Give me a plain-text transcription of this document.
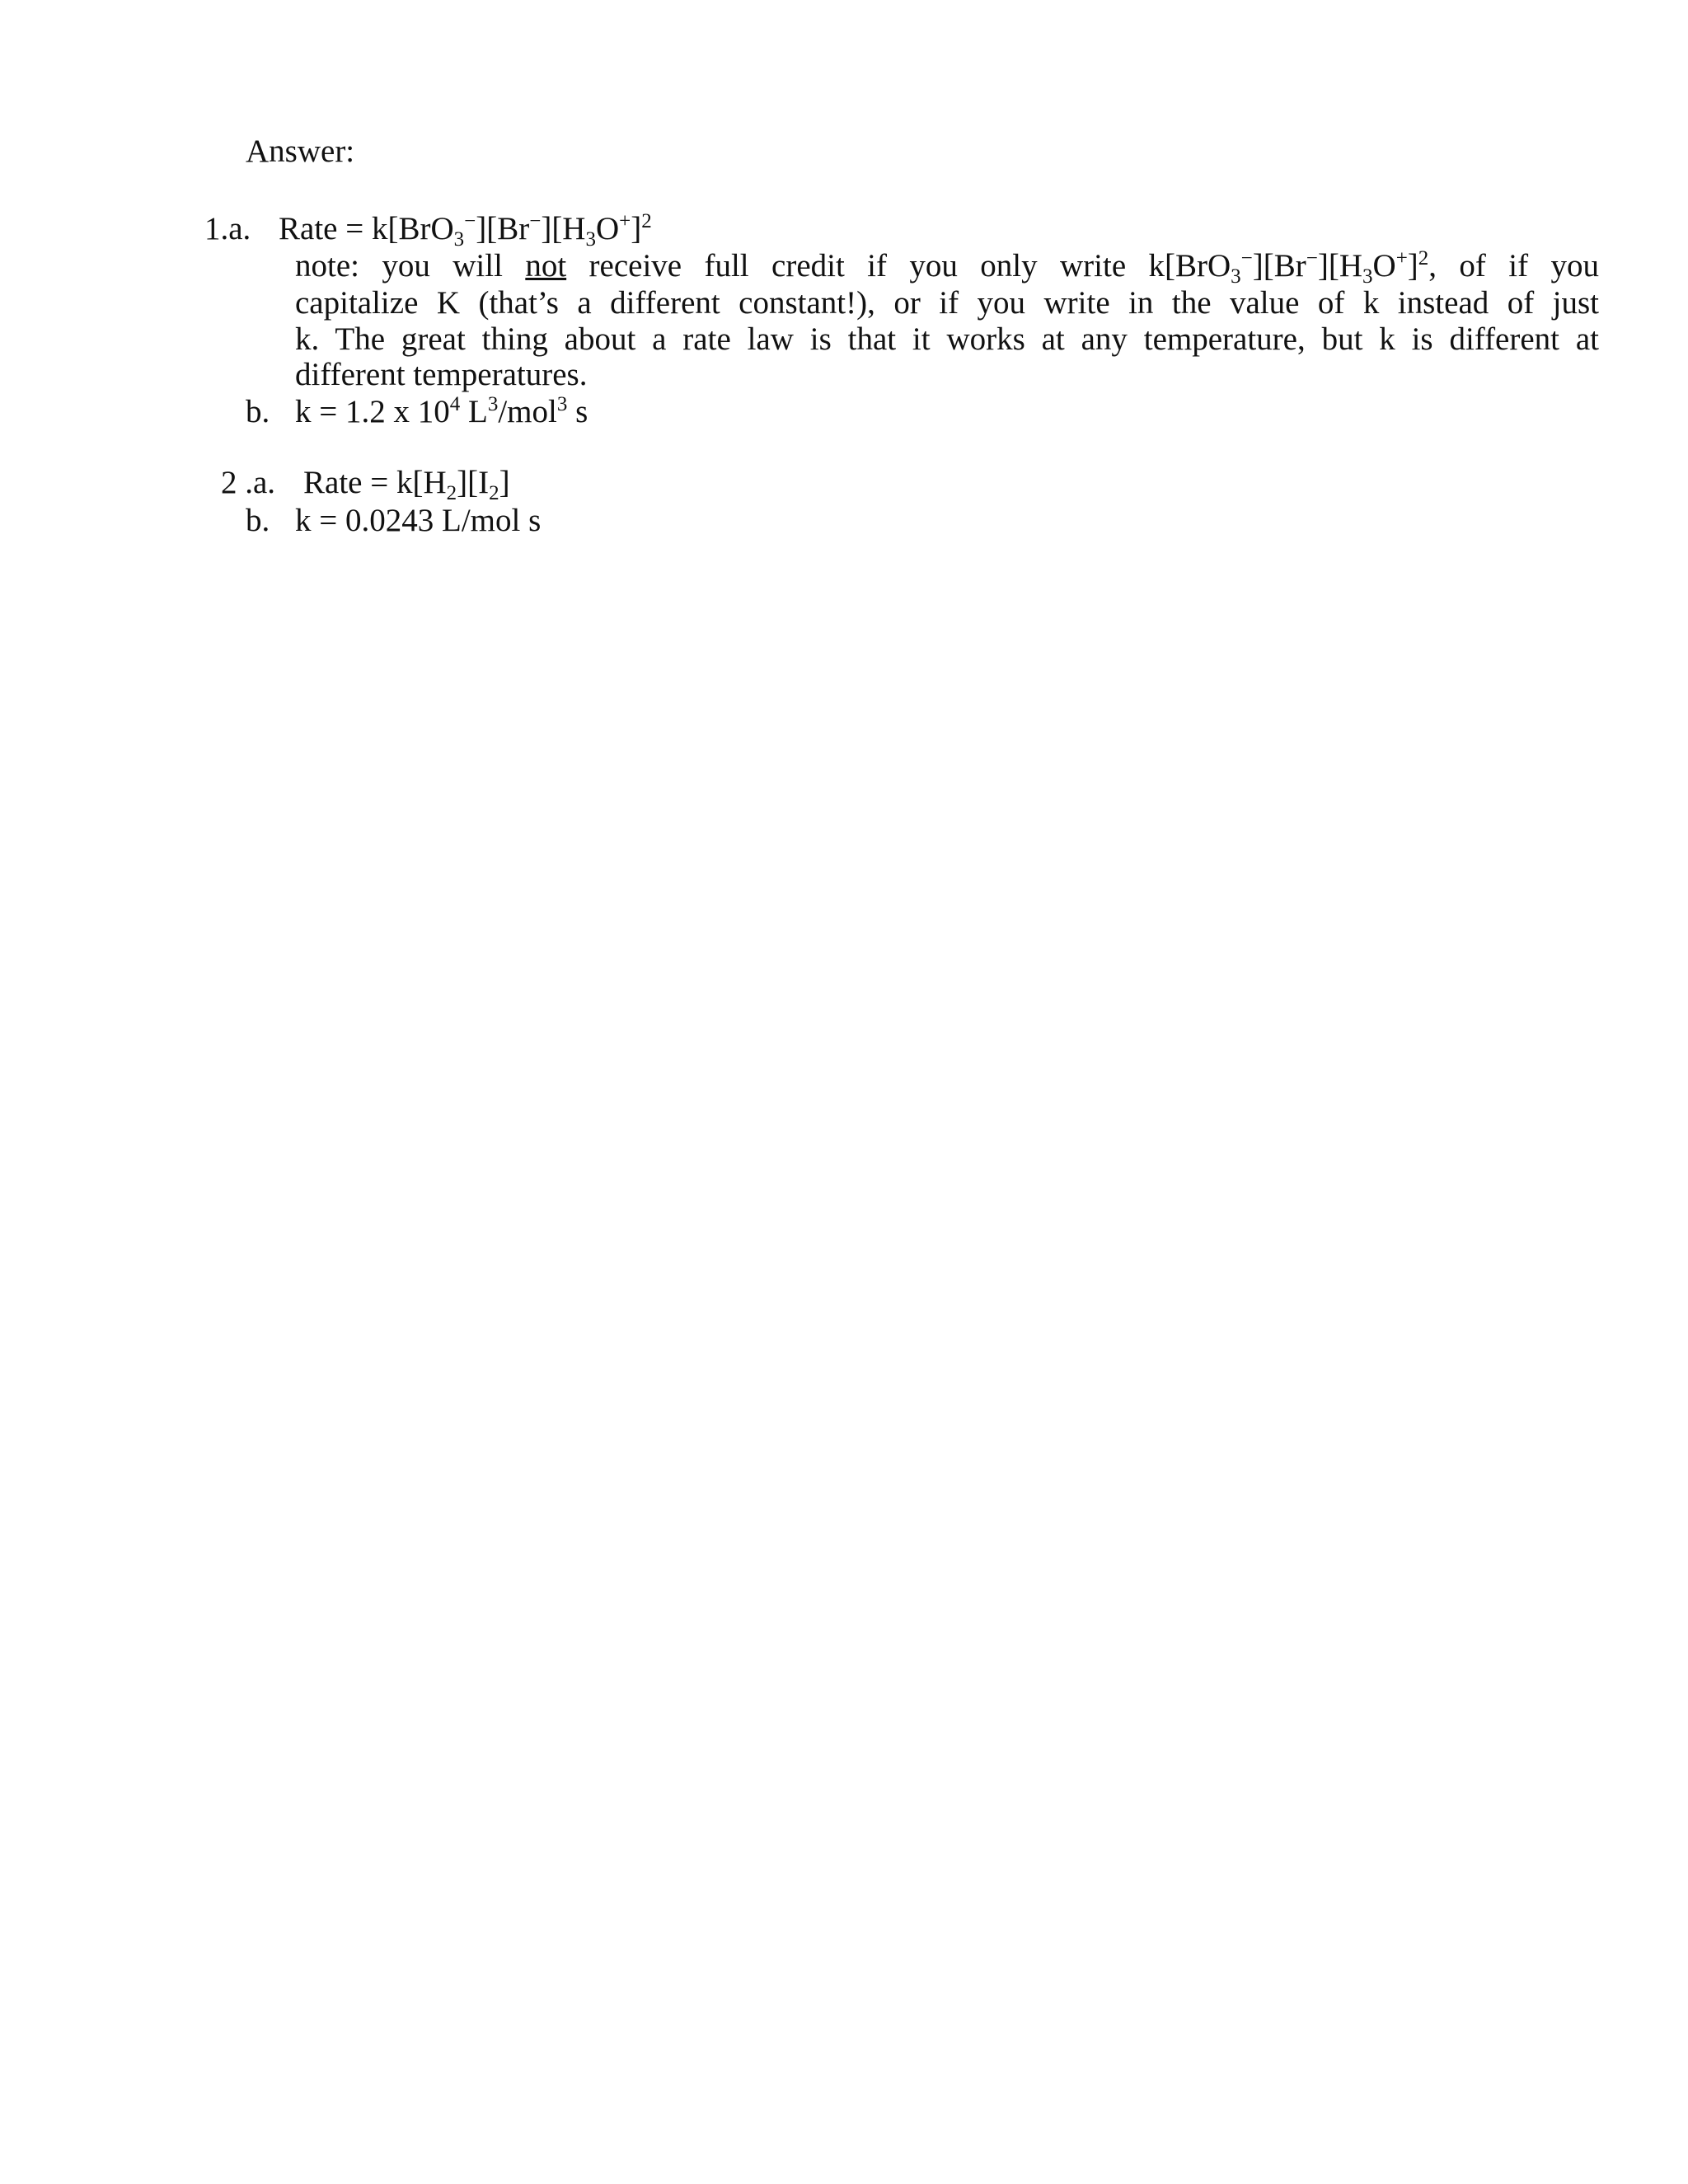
Answer:

1.a. Rate = $k[BrO_3^-][Br^-][H_3O^+]^2$

note: you will not receive full credit if you only write $k[BrO_3^-][Br^-][H_3O^+]^2$, of if you

capitalize K (that’s a different constant!), or if you write in the value of k instead of just

k. The great thing about a rate law is that it works at any temperature, but k is different at

different temperatures.

b. k = 1.2 x $10^4$ $L^3/mol^3$ s

2 .a. Rate = $k[H_2][I_2]$

b. k = 0.0243 L/mol s
